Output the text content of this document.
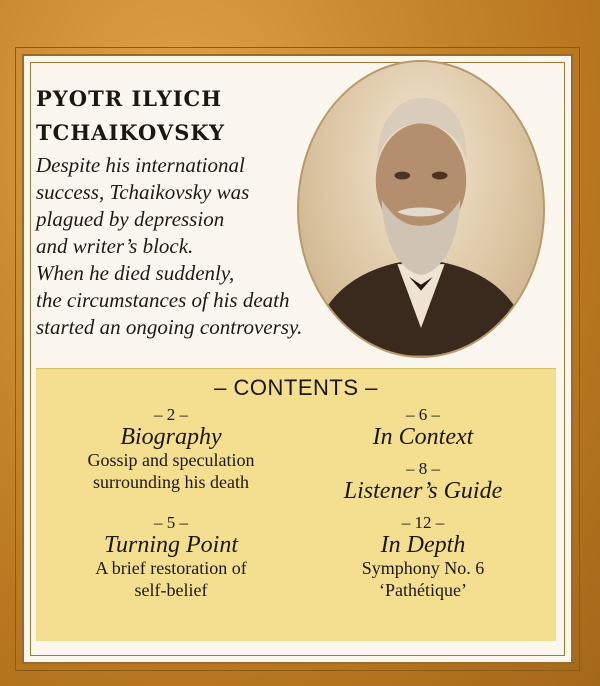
PYOTR ILYICH
TCHAIKOVSKY

Despite his international
success, Tchaikovsky was
plagued by depression
and writer’s block.
When he died suddenly,
the circumstances of his death
started an ongoing controversy.

– CONTENTS –
– 2 –
Biography
Gossip and speculation
surrounding his death
– 5 –
Turning Point
A brief restoration of
self-belief
– 6 –
In Context
– 8 –
Listener’s Guide
– 12 –
In Depth
Symphony No. 6
‘Pathétique’
